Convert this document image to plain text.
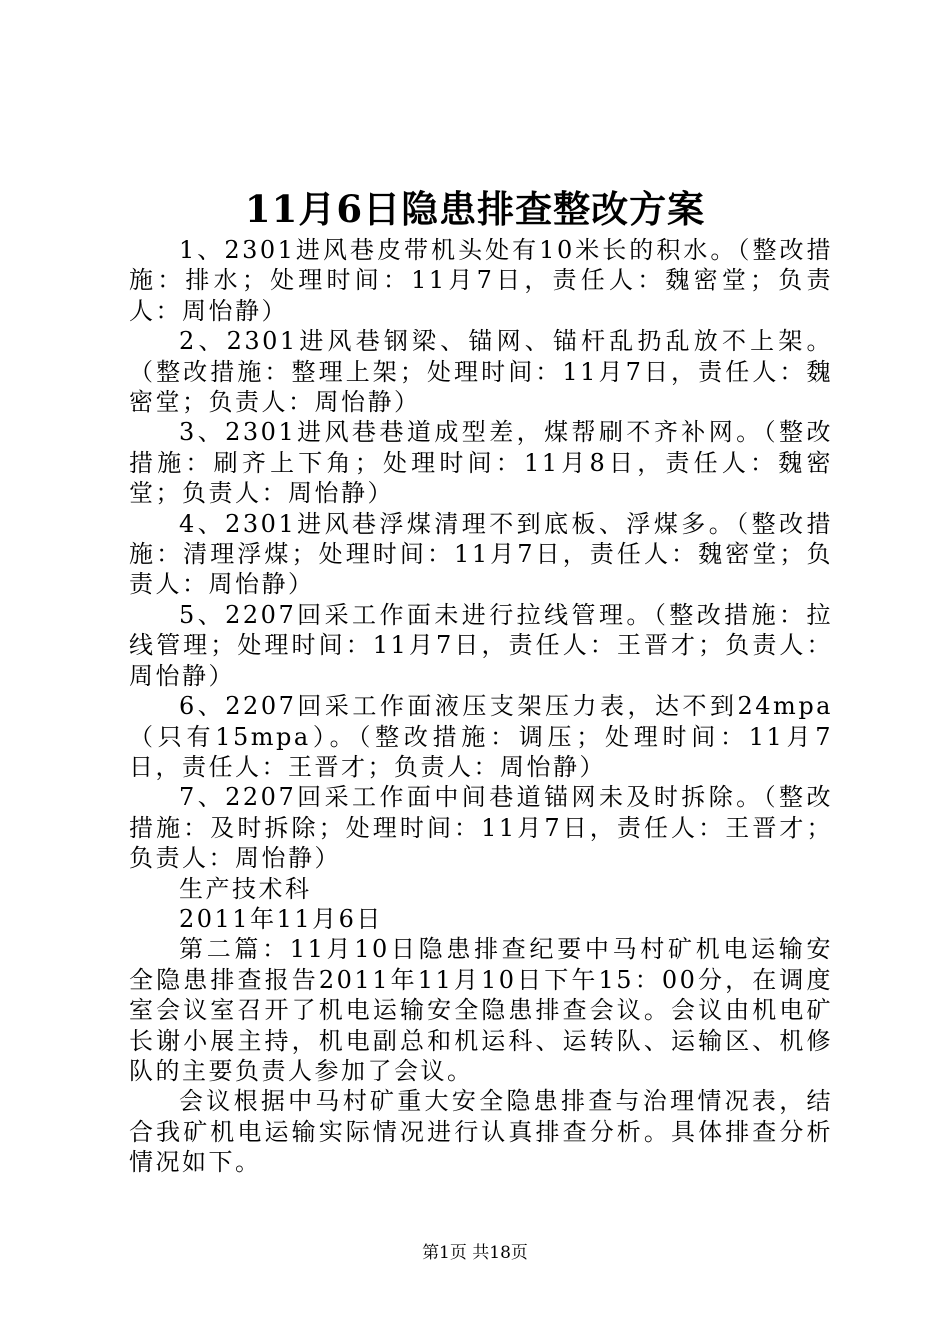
11月6日隐患排查整改方案

1、2301进风巷皮带机头处有10米长的积水。（整改措施：排水；处理时间：11月7日，责任人：魏密堂；负责人：周怡静）

2、2301进风巷钢梁、锚网、锚杆乱扔乱放不上架。（整改措施：整理上架；处理时间：11月7日，责任人：魏密堂；负责人：周怡静）

3、2301进风巷巷道成型差，煤帮刷不齐补网。（整改措施：刷齐上下角；处理时间：11月8日，责任人：魏密堂；负责人：周怡静）

4、2301进风巷浮煤清理不到底板、浮煤多。（整改措施：清理浮煤；处理时间：11月7日，责任人：魏密堂；负责人：周怡静）

5、2207回采工作面未进行拉线管理。（整改措施：拉线管理；处理时间：11月7日，责任人：王晋才；负责人：周怡静）

6、2207回采工作面液压支架压力表，达不到24mpa（只有15mpa）。（整改措施：调压；处理时间：11月7日，责任人：王晋才；负责人：周怡静）

7、2207回采工作面中间巷道锚网未及时拆除。（整改措施：及时拆除；处理时间：11月7日，责任人：王晋才；负责人：周怡静）

生产技术科

2011年11月6日

第二篇：11月10日隐患排查纪要中马村矿机电运输安全隐患排查报告2011年11月10日下午15：00分，在调度室会议室召开了机电运输安全隐患排查会议。会议由机电矿长谢小展主持，机电副总和机运科、运转队、运输区、机修队的主要负责人参加了会议。

会议根据中马村矿重大安全隐患排查与治理情况表，结合我矿机电运输实际情况进行认真排查分析。具体排查分析情况如下。

第1页 共18页
